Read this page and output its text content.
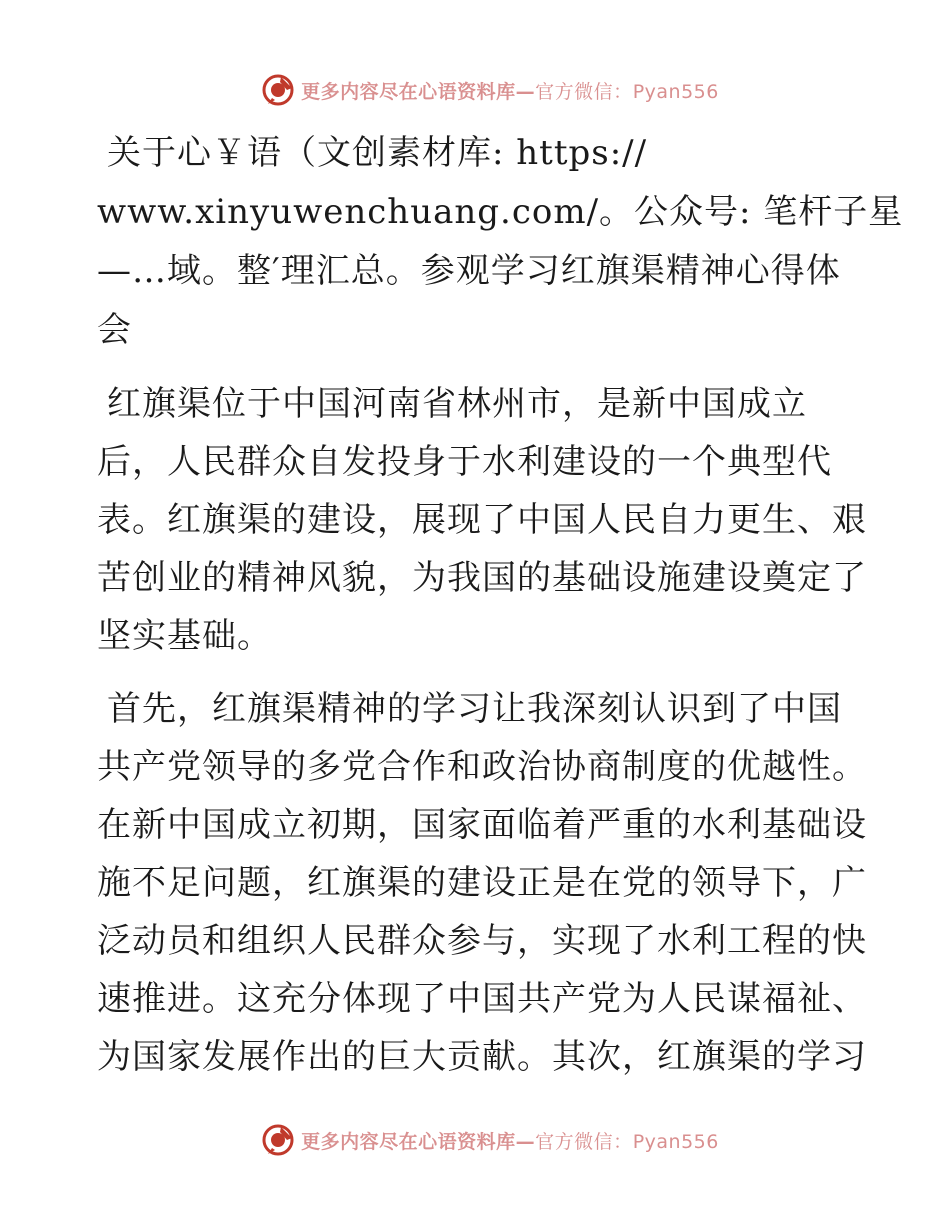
更多内容尽在心语资料库—官方微信：Pyan556

关于心￥语（文创素材库: https://
www.xinyuwenchuang.com/。公众号: 笔杆子星
—…域。整′理汇总。参观学习红旗渠精神心得体
会

红旗渠位于中国河南省林州市，是新中国成立
后，人民群众自发投身于水利建设的一个典型代
表。红旗渠的建设，展现了中国人民自力更生、艰
苦创业的精神风貌，为我国的基础设施建设奠定了
坚实基础。

首先，红旗渠精神的学习让我深刻认识到了中国
共产党领导的多党合作和政治协商制度的优越性。
在新中国成立初期，国家面临着严重的水利基础设
施不足问题，红旗渠的建设正是在党的领导下，广
泛动员和组织人民群众参与，实现了水利工程的快
速推进。这充分体现了中国共产党为人民谋福祉、
为国家发展作出的巨大贡献。其次，红旗渠的学习

更多内容尽在心语资料库—官方微信：Pyan556
